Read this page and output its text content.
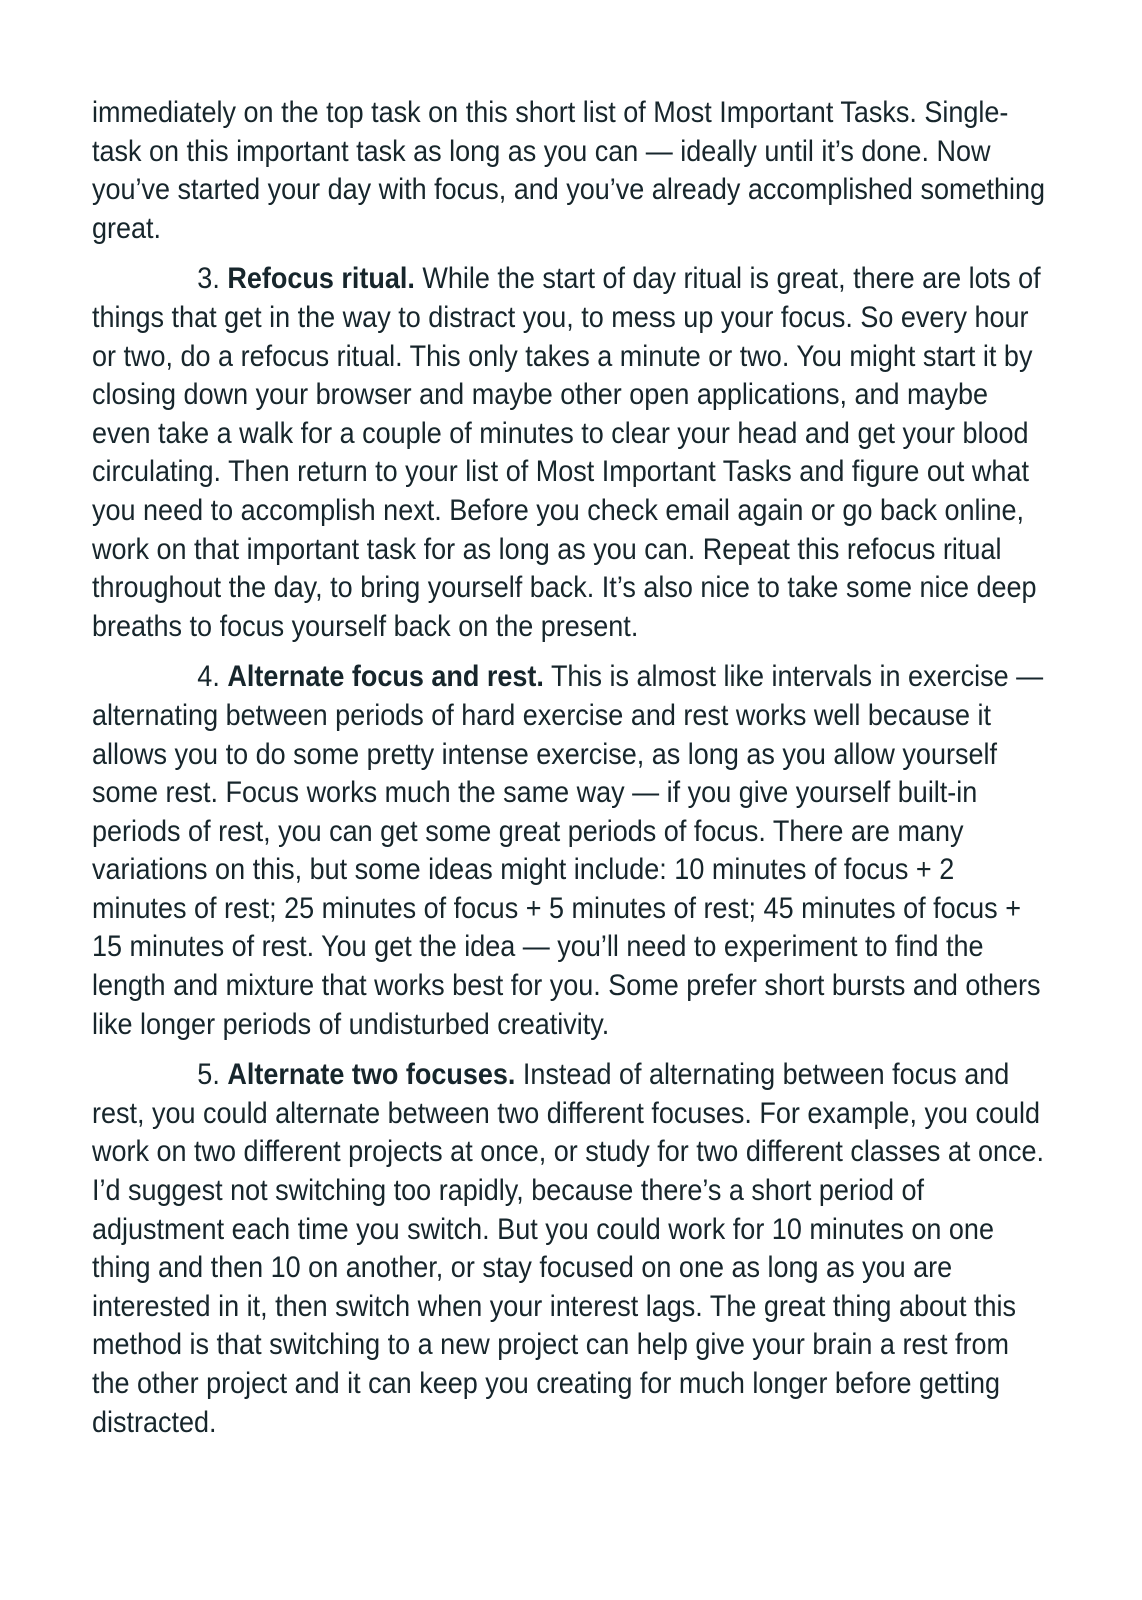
immediately on the top task on this short list of Most Important Tasks. Single-task on this important task as long as you can — ideally until it’s done. Now you’ve started your day with focus, and you’ve already accomplished something great.

3. Refocus ritual. While the start of day ritual is great, there are lots of things that get in the way to distract you, to mess up your focus. So every hour or two, do a refocus ritual. This only takes a minute or two. You might start it by closing down your browser and maybe other open applications, and maybe even take a walk for a couple of minutes to clear your head and get your blood circulating. Then return to your list of Most Important Tasks and figure out what you need to accomplish next. Before you check email again or go back online, work on that important task for as long as you can. Repeat this refocus ritual throughout the day, to bring yourself back. It’s also nice to take some nice deep breaths to focus yourself back on the present.

4. Alternate focus and rest. This is almost like intervals in exercise — alternating between periods of hard exercise and rest works well because it allows you to do some pretty intense exercise, as long as you allow yourself some rest. Focus works much the same way — if you give yourself built-in periods of rest, you can get some great periods of focus. There are many variations on this, but some ideas might include: 10 minutes of focus + 2 minutes of rest; 25 minutes of focus + 5 minutes of rest; 45 minutes of focus + 15 minutes of rest. You get the idea — you’ll need to experiment to find the length and mixture that works best for you. Some prefer short bursts and others like longer periods of undisturbed creativity.

5. Alternate two focuses. Instead of alternating between focus and rest, you could alternate between two different focuses. For example, you could work on two different projects at once, or study for two different classes at once. I’d suggest not switching too rapidly, because there’s a short period of adjustment each time you switch. But you could work for 10 minutes on one thing and then 10 on another, or stay focused on one as long as you are interested in it, then switch when your interest lags. The great thing about this method is that switching to a new project can help give your brain a rest from the other project and it can keep you creating for much longer before getting distracted.
